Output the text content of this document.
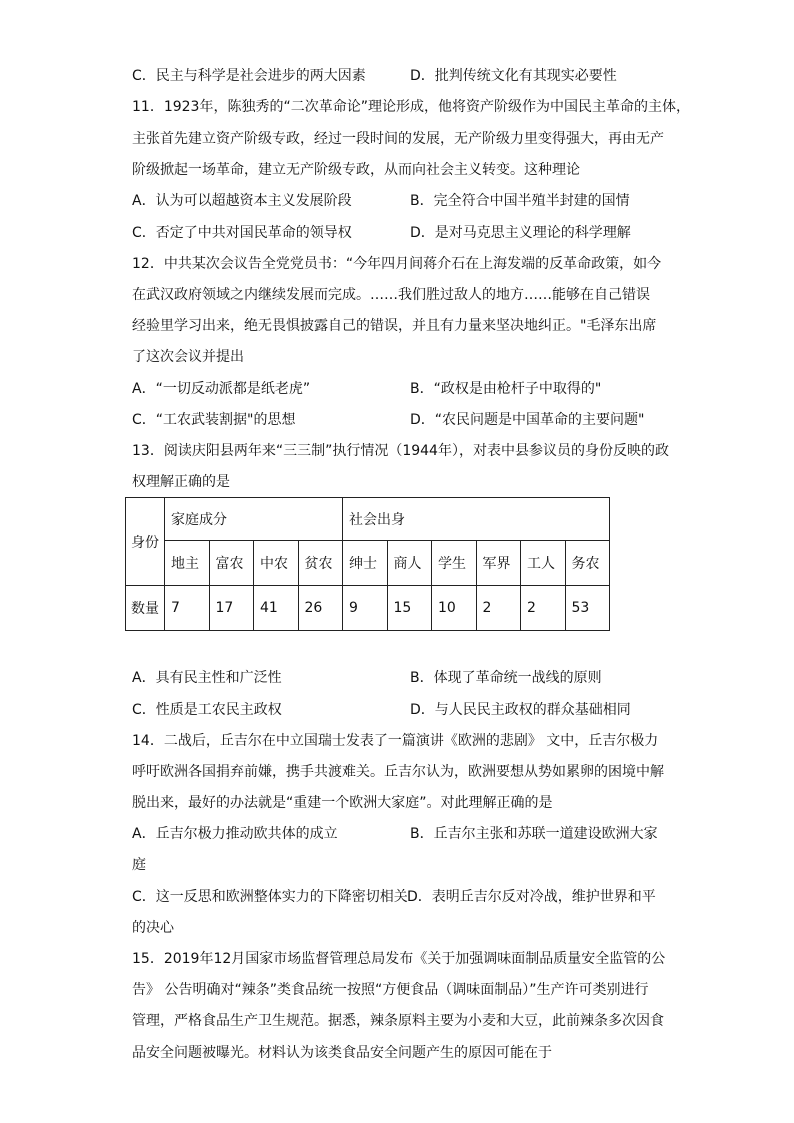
C．民主与科学是社会进步的两大因素	D．批判传统文化有其现实必要性
11．1923年，陈独秀的“二次革命论”理论形成，他将资产阶级作为中国民主革命的主体，
主张首先建立资产阶级专政，经过一段时间的发展，无产阶级力里变得强大，再由无产
阶级掀起一场革命，建立无产阶级专政，从而向社会主义转变。这种理论
A．认为可以超越资本主义发展阶段	B．完全符合中国半殖半封建的国情
C．否定了中共对国民革命的领导权	D．是对马克思主义理论的科学理解
12．中共某次会议告全党党员书：“今年四月间蒋介石在上海发端的反革命政策，如今
在武汉政府领域之内继续发展而完成。……我们胜过敌人的地方……能够在自己错误
经验里学习出来，绝无畏惧披露自己的错误，并且有力量来坚决地纠正。"毛泽东出席
了这次会议并提出
A．“一切反动派都是纸老虎”	B．“政权是由枪杆子中取得的"
C．“工农武装割据"的思想	D．“农民问题是中国革命的主要问题"
13．阅读庆阳县两年来“三三制”执行情况（1944年），对表中县参议员的身份反映的政
权理解正确的是
身份	家庭成分				社会出身					
	地主	富农	中农	贫农	绅士	商人	学生	军界	工人	务农
数量	7	17	41	26	9	15	10	2	2	53
A．具有民主性和广泛性	B．体现了革命统一战线的原则
C．性质是工农民主政权	D．与人民民主政权的群众基础相同
14．二战后，丘吉尔在中立国瑞士发表了一篇演讲《欧洲的悲剧》 文中，丘吉尔极力
呼吁欧洲各国捐弃前嫌，携手共渡难关。丘吉尔认为，欧洲要想从势如累卵的困境中解
脱出来，最好的办法就是“重建一个欧洲大家庭”。对此理解正确的是
A．丘吉尔极力推动欧共体的成立	B．丘吉尔主张和苏联一道建设欧洲大家
庭
C．这一反思和欧洲整体实力的下降密切相关 D．表明丘吉尔反对冷战，维护世界和平
的决心
15．2019年12月国家市场监督管理总局发布《关于加强调味面制品质量安全监管的公
告》 公告明确对“辣条”类食品统一按照“方便食品（调味面制品）”生产许可类别进行
管理，严格食品生产卫生规范。据悉，辣条原料主要为小麦和大豆，此前辣条多次因食
品安全问题被曝光。材料认为该类食品安全问题产生的原因可能在于
